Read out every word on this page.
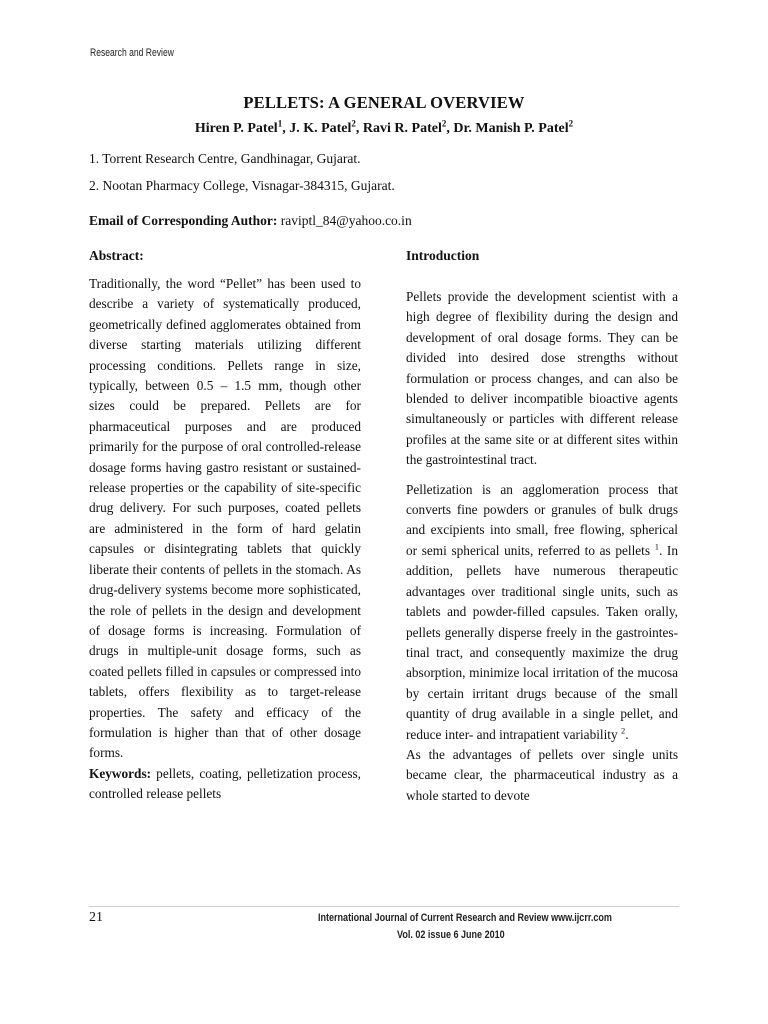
Research and Review
PELLETS: A GENERAL OVERVIEW
Hiren P. Patel$^1$, J. K. Patel$^2$, Ravi R. Patel$^2$, Dr. Manish P. Patel$^2$
1. Torrent Research Centre, Gandhinagar, Gujarat.
2. Nootan Pharmacy College, Visnagar-384315, Gujarat.
Email of Corresponding Author: raviptl_84@yahoo.co.in
Abstract:

Traditionally, the word “Pellet” has been used to describe a variety of systematically produced, geometrically defined agglomerates obtained from diverse starting materials utilizing different processing conditions. Pellets range in size, typically, between 0.5 – 1.5 mm, though other sizes could be prepared. Pellets are for pharmaceutical purposes and are produced primarily for the purpose of oral controlled-release dosage forms having gastro resistant or sustained-release properties or the capability of site-specific drug delivery. For such purposes, coated pellets are administered in the form of hard gelatin capsules or disintegrating tablets that quickly liberate their contents of pellets in the stomach. As drug-delivery systems become more sophisticated, the role of pellets in the design and development of dosage forms is increasing. Formulation of drugs in multiple-unit dosage forms, such as coated pellets filled in capsules or compressed into tablets, offers flexibility as to target-release properties. The safety and efficacy of the formulation is higher than that of other dosage forms.

Keywords: pellets, coating, pelletization process, controlled release pellets

Introduction

Pellets provide the development scientist with a high degree of flexibility during the design and development of oral dosage forms. They can be divided into desired dose strengths without formulation or process changes, and can also be blended to deliver incompatible bioactive agents simultaneously or particles with different release profiles at the same site or at different sites within the gastrointestinal tract.

Pelletization is an agglomeration process that converts fine powders or granules of bulk drugs and excipients into small, free flowing, spherical or semi spherical units, referred to as pellets $^1$. In addition, pellets have numerous therapeutic advantages over traditional single units, such as tablets and powder-filled capsules. Taken orally, pellets generally disperse freely in the gastrointes-tinal tract, and consequently maximize the drug absorption, minimize local irritation of the mucosa by certain irritant drugs because of the small quantity of drug available in a single pellet, and reduce inter- and intrapatient variability $^2$.

As the advantages of pellets over single units became clear, the pharmaceutical industry as a whole started to devote

21	International Journal of Current Research and Review www.ijcrr.com
Vol. 02 issue 6 June 2010
